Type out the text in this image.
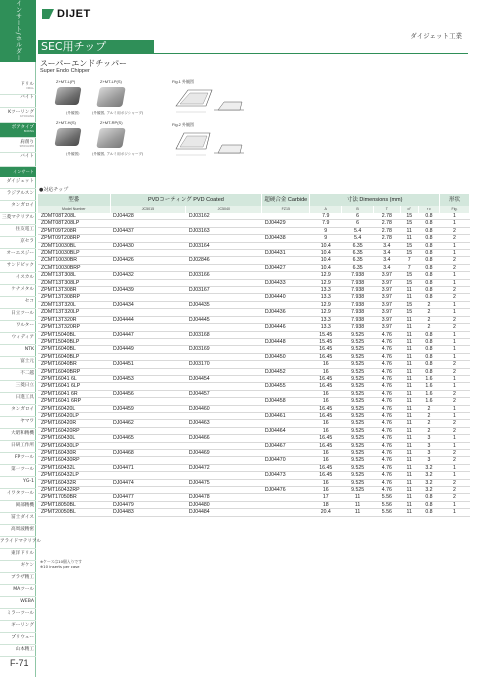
インサート/ホルダー
ドリル
DRILL
バイト
Kツーリング
K-TOOLING
ボアタイプ
BORING
肩削り
SHOULDER
バイト
インサート
ダイジェット
ラジアルスン
タンガロイ
三菱マテリアル
住友電工
京セラ
オーエスジー
サンドビック
イスカル
ケナメタル
セコ
日立ツール
ワルター
ウィディア
NTK
富士元
不二越
三菱日立
日進工具
タンガロイ
ヤマワ
大昭和精機
日研工作所
FPツール
第一ツール
YG-1
イワタツール
岡部精機
冨士ダイス
高周波精密
アライドマテリアル
東洋ドリル
ギケン
ブラザ精工
MAツール
WEBA
ミラーツール
ギーリング
プリウェー
山本精工
F-71
DIJET
ダイジェット工業
SEC用チップ
スーパーエンドチッパー
Super Endo Chipper
Z+MT-L(P)	Z+MT-LP(S)
(外観図)	(外観図, アルミ用ポジシャープ)
Z+MT-H(S)	Z+MT-RP(S)
(外観図)	(外観図, アルミ用ポジシャープ)
Fig.1 外観図
Fig.2 外観図
●対応チップ
型番	PVDコーティング PVD Coated		超硬合金 Carbide	寸法 Dimensions (mm)					形状
Model Number	JC5015	JC5040	FZ15	A	B	T	α°	r ε	Fig.
ZDMT08T208L	DJ04428	DJ03162		7.9	6	2.78	15	0.8	1
ZDMT08T208LP			DJ04429	7.9	6	2.78	15	0.8	1
ZPMT09T208R	DJ04437	DJ03163		9	5.4	2.78	11	0.8	2
ZPMT09T208RP			DJ04438	9	5.4	2.78	11	0.8	2
ZDMT10030BL	DJ04430	DJ03164		10.4	6.35	3.4	15	0.8	1
ZDMT10030BLP			DJ04431	10.4	6.35	3.4	15	0.8	1
ZCMT10030BR	DJ04426	DJ02846		10.4	6.35	3.4	7	0.8	2
ZCMT10030BRP			DJ04427	10.4	6.35	3.4	7	0.8	2
ZDMT13T308L	DJ04432	DJ03166		12.9	7.938	3.97	15	0.8	1
ZDMT13T308LP			DJ04433	12.9	7.938	3.97	15	0.8	1
ZPMT13T308R	DJ04439	DJ03167		13.3	7.938	3.97	11	0.8	2
ZPMT13T308RP			DJ04440	13.3	7.938	3.97	11	0.8	2
ZDMT13T320L	DJ04434	DJ04435		12.9	7.938	3.97	15	2	1
ZDMT13T320LP			DJ04436	12.9	7.938	3.97	15	2	1
ZPMT13T320R	DJ04444	DJ04445		13.3	7.938	3.97	11	2	2
ZPMT13T320RP			DJ04446	13.3	7.938	3.97	11	2	2
ZPMT15040BL	DJ04447	DJ03168		15.45	9.525	4.76	11	0.8	1
ZPMT15040BLP			DJ04448	15.45	9.525	4.76	11	0.8	1
ZPMT16040BL	DJ04449	DJ03169		16.45	9.525	4.76	11	0.8	1
ZPMT16040BLP			DJ04450	16.45	9.525	4.76	11	0.8	1
ZPMT16040BR	DJ04451	DJ03170		16	9.525	4.76	11	0.8	2
ZPMT16040BRP			DJ04452	16	9.525	4.76	11	0.8	2
ZPMT16041 6L	DJ04453	DJ04454		16.45	9.525	4.76	11	1.6	1
ZPMT16041 6LP			DJ04455	16.45	9.525	4.76	11	1.6	1
ZPMT16041 6R	DJ04456	DJ04457		16	9.525	4.76	11	1.6	2
ZPMT16041 6RP			DJ04458	16	9.525	4.76	11	1.6	2
ZPMT160420L	DJ04459	DJ04460		16.45	9.525	4.76	11	2	1
ZPMT160420LP			DJ04461	16.45	9.525	4.76	11	2	1
ZPMT160420R	DJ04462	DJ04463		16	9.525	4.76	11	2	2
ZPMT160420RP			DJ04464	16	9.525	4.76	11	2	2
ZPMT160430L	DJ04465	DJ04466		16.45	9.525	4.76	11	3	1
ZPMT160430LP			DJ04467	16.45	9.525	4.76	11	3	1
ZPMT160430R	DJ04468	DJ04469		16	9.525	4.76	11	3	2
ZPMT160430RP			DJ04470	16	9.525	4.76	11	3	2
ZPMT160432L	DJ04471	DJ04472		16.45	9.525	4.76	11	3.2	1
ZPMT160432LP			DJ04473	16.45	9.525	4.76	11	3.2	1
ZPMT160432R	DJ04474	DJ04475		16	9.525	4.76	11	3.2	2
ZPMT160432RP			DJ04476	16	9.525	4.76	11	3.2	2
ZPMT17050BR	DJ04477	DJ04478		17	11	5.56	11	0.8	2
ZPMT18050BL	DJ04479	DJ04480		18	11	5.56	11	0.8	1
ZPMT20050BL	DJ04483	DJ04484		20.4	11	5.56	11	0.8	1
※ケースは10個入りです
※10 inserts per case
